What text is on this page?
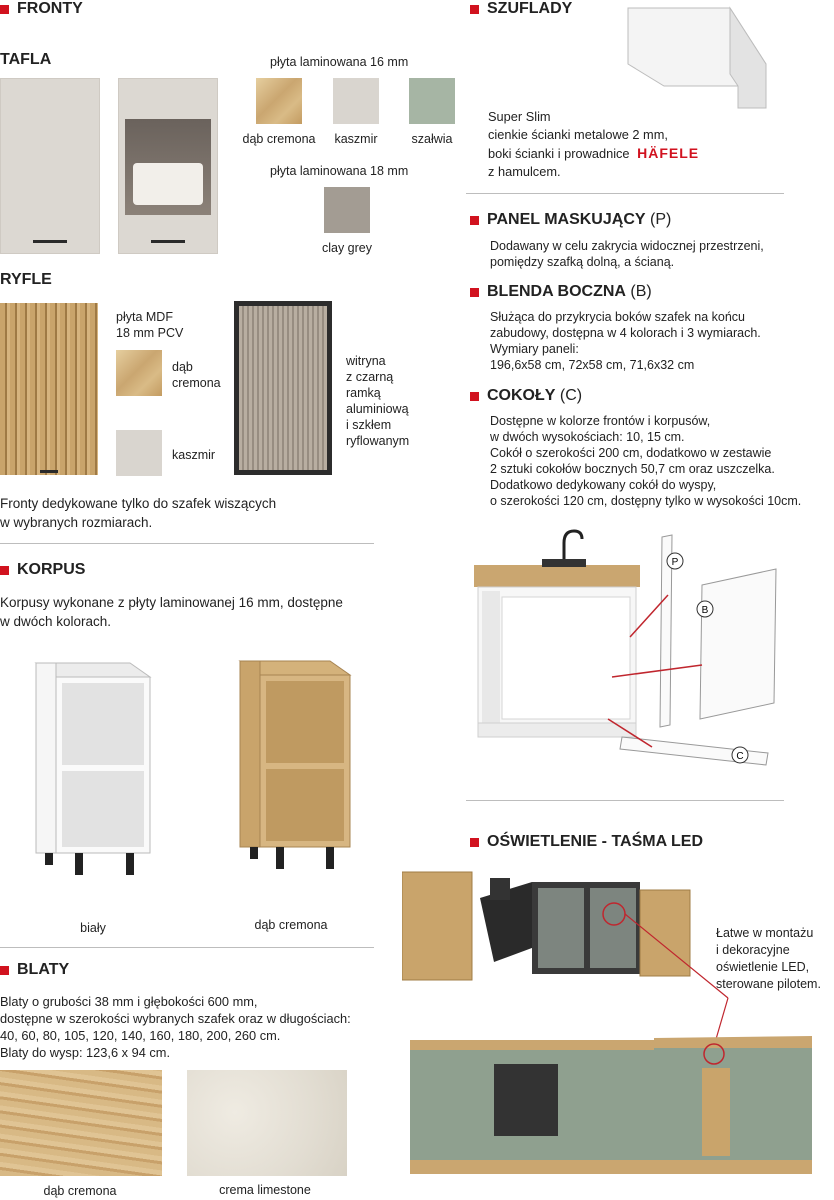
FRONTY
TAFLA	płyta laminowana 16 mm
dąb cremona	kaszmir	szałwia
płyta laminowana 18 mm
clay grey
RYFLE
płyta MDF
18 mm PCV
dąb
cremona
kaszmir
witryna
z czarną
ramką
aluminiową
i szkłem
ryflowanym
Fronty dedykowane tylko do szafek wiszących
w wybranych rozmiarach.
KORPUS
Korpusy wykonane z płyty laminowanej 16 mm, dostępne
w dwóch kolorach.
biały	dąb cremona
BLATY
Blaty o grubości 38 mm i głębokości 600 mm,
dostępne w szerokości wybranych szafek oraz w długościach:
40, 60, 80, 105, 120, 140, 160, 180, 200, 260 cm.
Blaty do wysp: 123,6 x 94 cm.
dąb cremona	crema limestone
SZUFLADY
Super Slim
cienkie ścianki metalowe 2 mm,
boki ścianki i prowadnice HÄFELE
z hamulcem.
PANEL MASKUJĄCY
(P)
Dodawany w celu zakrycia widocznej przestrzeni,
pomiędzy szafką dolną, a ścianą.
BLENDA BOCZNA
(B)
Służąca do przykrycia boków szafek na końcu
zabudowy, dostępna w 4 kolorach i 3 wymiarach.
Wymiary paneli:
196,6x58 cm, 72x58 cm, 71,6x32 cm
COKOŁY
(C)
Dostępne w kolorze frontów i korpusów,
w dwóch wysokościach: 10, 15 cm.
Cokół o szerokości 200 cm, dodatkowo w zestawie
2 sztuki cokołów bocznych 50,7 cm oraz uszczelka.
Dodatkowo dedykowany cokół do wyspy,
o szerokości 120 cm, dostępny tylko w wysokości 10cm.
P
B
C
OŚWIETLENIE - TAŚMA LED
Łatwe w montażu
i dekoracyjne
oświetlenie LED,
sterowane pilotem.
